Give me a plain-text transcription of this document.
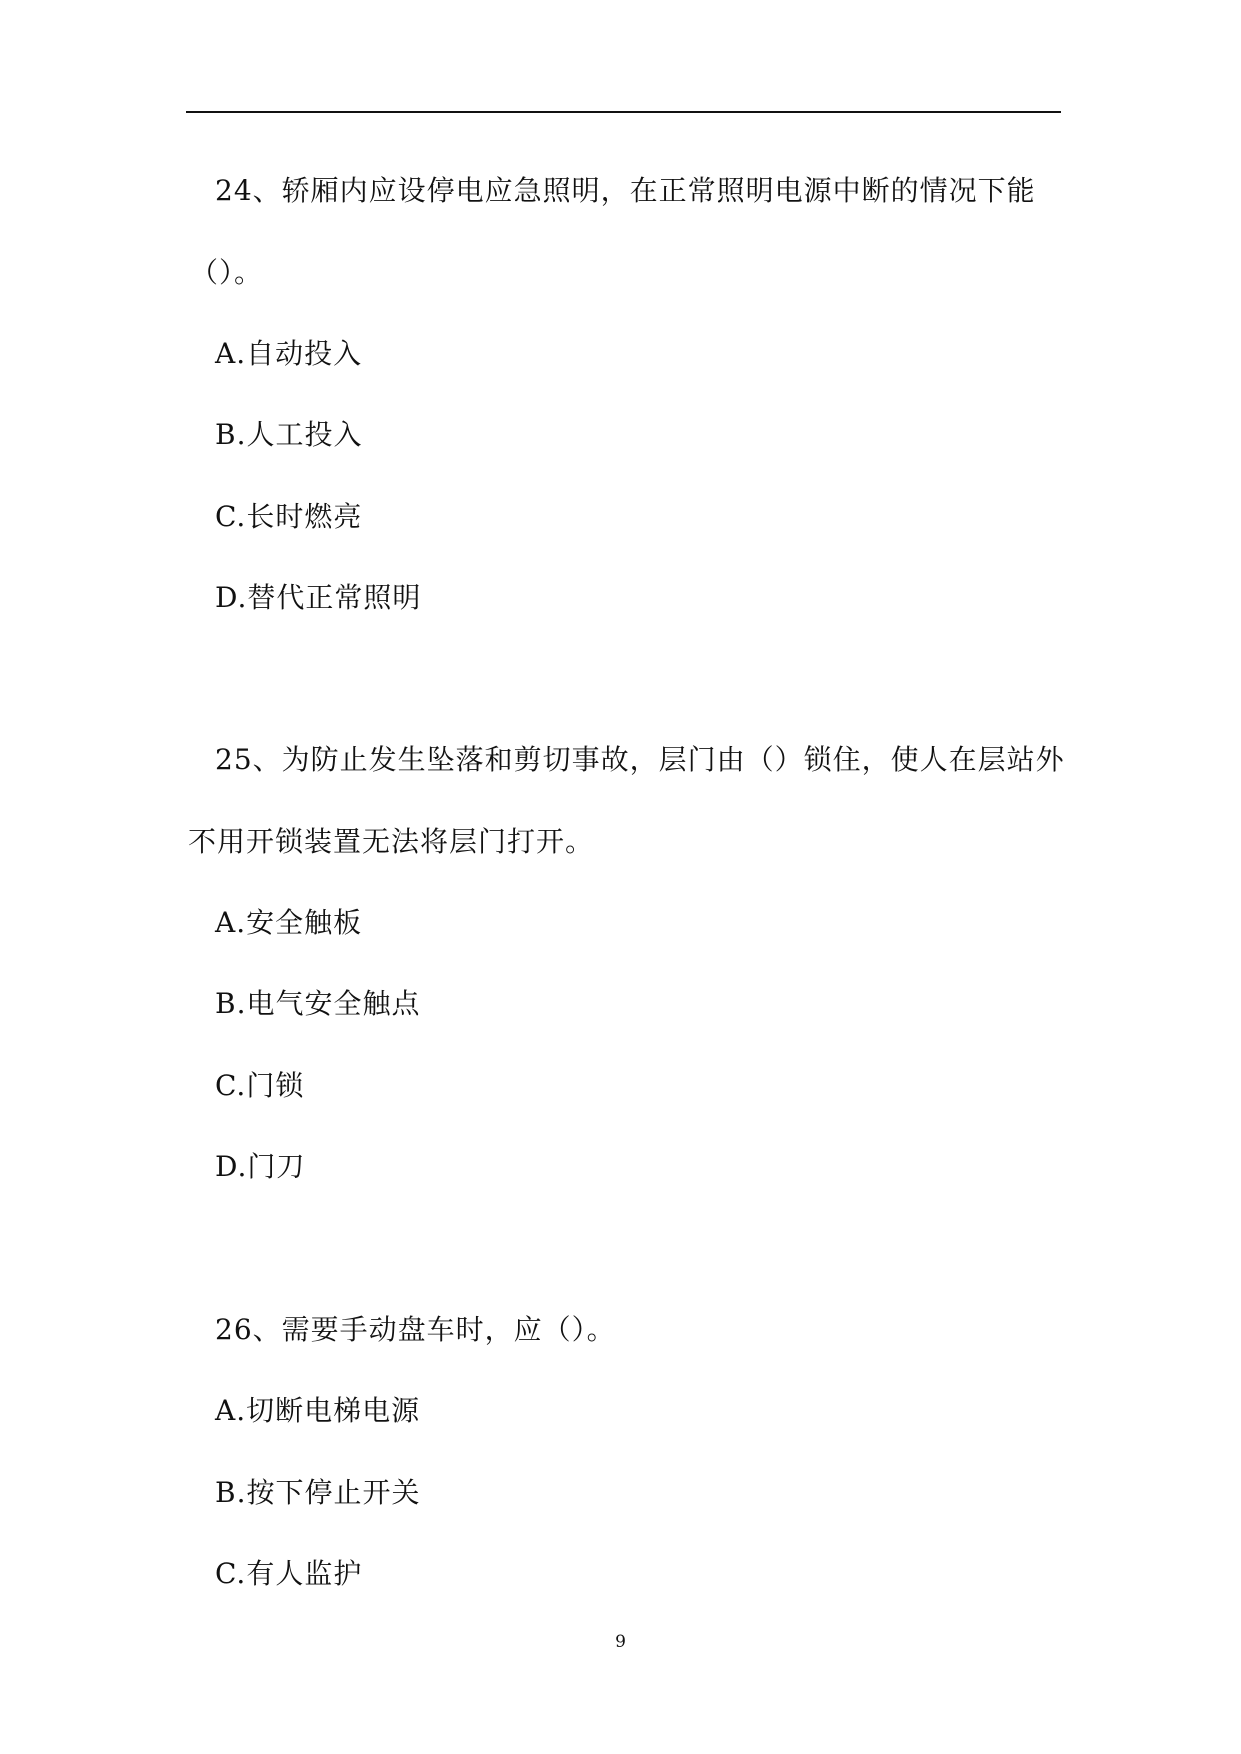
24、轿厢内应设停电应急照明，在正常照明电源中断的情况下能
（）。
A.自动投入
B.人工投入
C.长时燃亮
D.替代正常照明
25、为防止发生坠落和剪切事故，层门由（）锁住，使人在层站外
不用开锁装置无法将层门打开。
A.安全触板
B.电气安全触点
C.门锁
D.门刀
26、需要手动盘车时，应（）。
A.切断电梯电源
B.按下停止开关
C.有人监护
9
